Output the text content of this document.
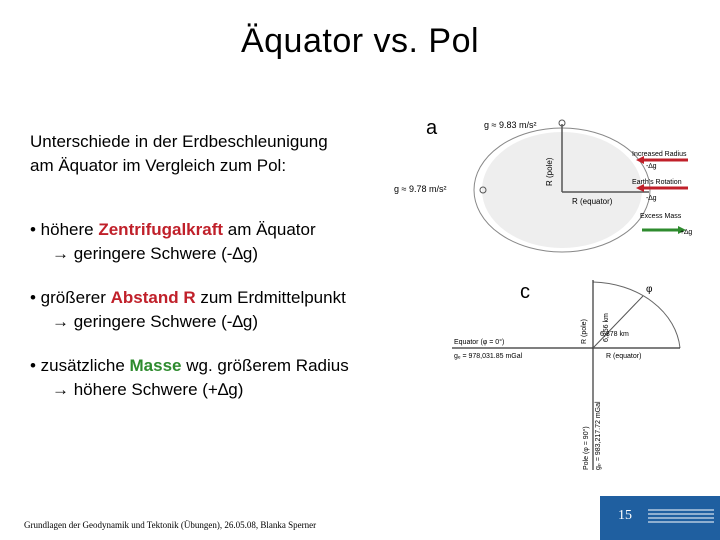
Äquator vs. Pol
Unterschiede in der Erdbeschleunigung
am Äquator im Vergleich zum Pol:
• höhere Zentrifugalkraft am Äquator
→ geringere Schwere (-∆g)
• größerer Abstand R zum Erdmittelpunkt
→ geringere Schwere (-∆g)
• zusätzliche Masse wg. größerem Radius
→ höhere Schwere (+∆g)
a	g ≈ 9.83 m/s²
g ≈ 9.78 m/s²
R (pole)
R (equator)
Increased Radius
-∆g
Earth's Rotation
-∆g
Excess Mass
+∆g
c	φ
R (pole) 6,356 km
6,378 km
R (equator)
Equator (φ = 0°)
gₑ = 978,031.85 mGal
Pole (φ = 90°) gₚ = 983,217.72 mGal
Grundlagen der Geodynamik und Tektonik (Übungen), 26.05.08, Blanka Sperner
15
